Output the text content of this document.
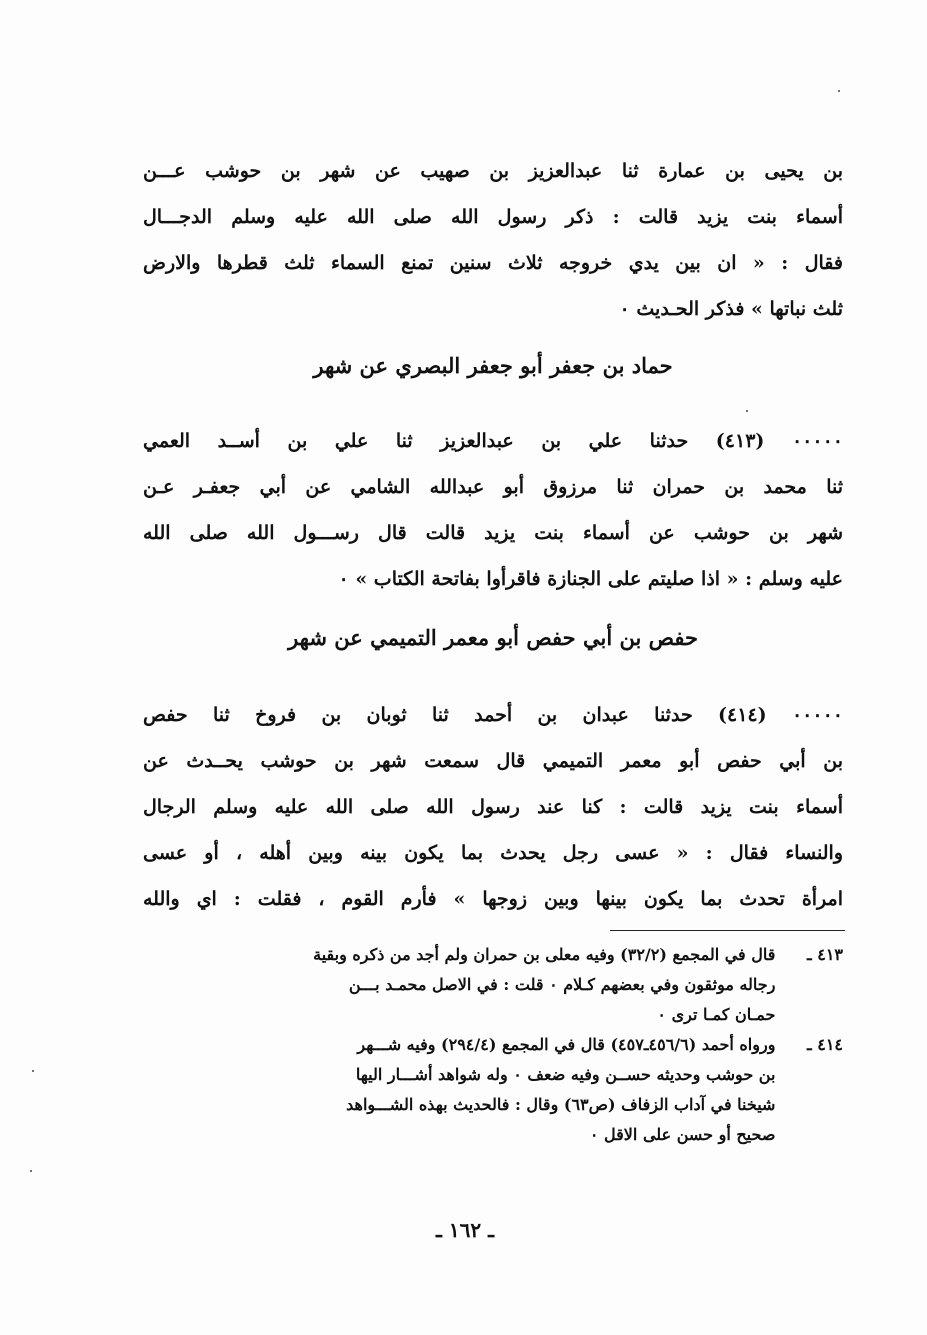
بن يحيى بن عمارة ثنا عبدالعزيز بن صهيب عن شهر بن حوشب عـــن
أسماء بنت يزيد قالت : ذكر رسول الله صلى الله عليه وسلم الدجـــال
فقال : « ان بين يدي خروجه ثلاث سنين تمنع السماء ثلث قطرها والارض
ثلث نباتها » فذكر الحـديث ٠
حماد بن جعفر أبو جعفر البصري عن شهر
٠٠٠٠٠ (٤١٣) حدثنا علي بن عبدالعزيز ثنا علي بن أســد العمي
ثنا محمد بن حمران ثنا مرزوق أبو عبدالله الشامي عن أبي جعفـر عـن
شهر بن حوشب عن أسماء بنت يزيد قالت قال رســـول الله صلى الله
عليه وسلم : « اذا صليتم على الجنازة فاقرأوا بفاتحة الكتاب » ٠
حفص بن أبي حفص أبو معمر التميمي عن شهر
٠٠٠٠٠ (٤١٤) حدثنا عبدان بن أحمد ثنا ثوبان بن فروخ ثنا حفص
بن أبي حفص أبو معمر التميمي قال سمعت شهر بن حوشب يحــدث عن
أسماء بنت يزيد قالت : كنا عند رسول الله صلى الله عليه وسلم الرجال
والنساء فقال : « عسى رجل يحدث بما يكون بينه وبين أهله ، أو عسى
امرأة تحدث بما يكون بينها وبين زوجها » فأرم القوم ، فقلت : اي والله
٤١٣ ـ
قال في المجمع (٣٢/٢) وفيه معلى بن حمران ولم أجد من ذكره وبقية
رجاله موثقون وفي بعضهم كـلام ٠ قلت : في الاصل محمـد بـــن
حمـان كمـا ترى ٠
٤١٤ ـ
ورواه أحمد (٤٥٦/٦ـ٤٥٧) قال في المجمع (٢٩٤/٤) وفيه شـــهر
بن حوشب وحديثه حســن وفيه ضعف ٠ وله شواهد أشـــار اليها
شيخنا في آداب الزفاف (ص٦٣) وقال : فالحديث بهذه الشـــواهد
صحيح أو حسن على الاقل ٠
ـ ١٦٢ ـ
